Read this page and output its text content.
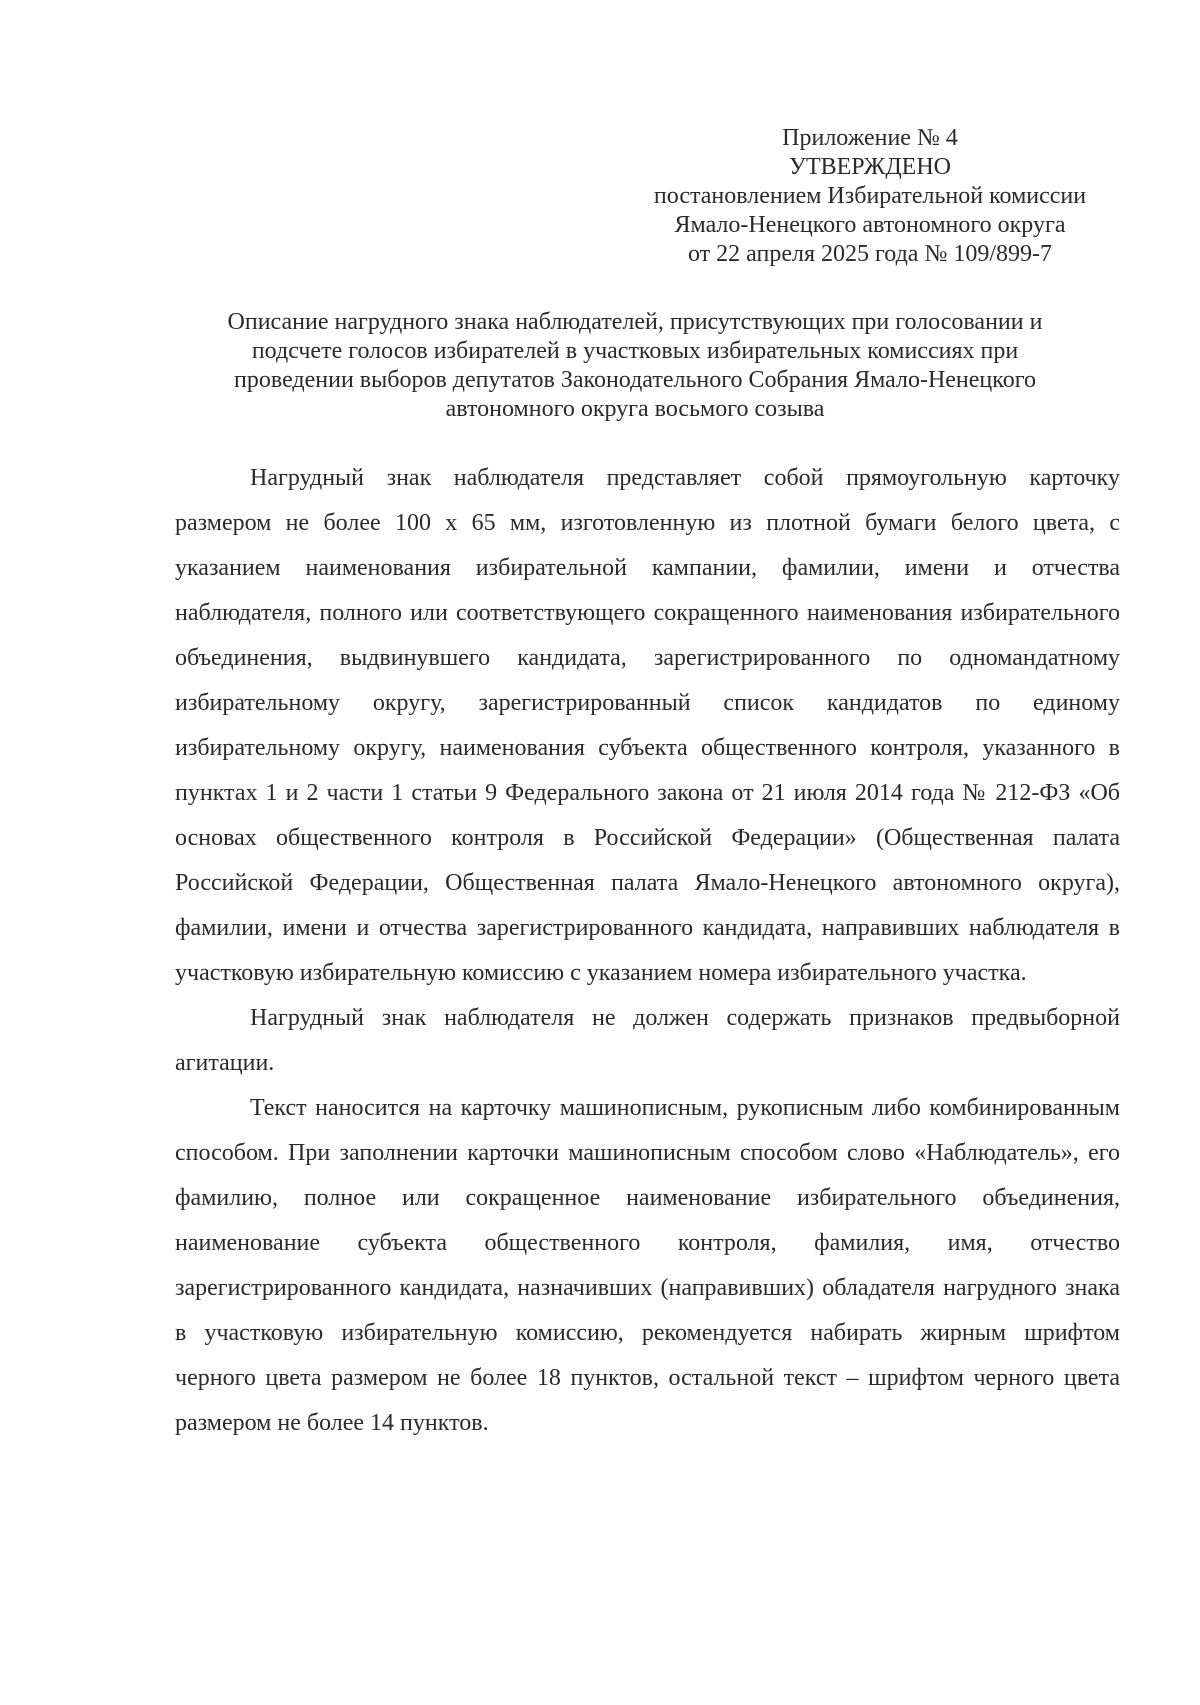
Приложение № 4
УТВЕРЖДЕНО
постановлением Избирательной комиссии
Ямало-Ненецкого автономного округа
от 22 апреля 2025 года № 109/899-7
Описание нагрудного знака наблюдателей, присутствующих при голосовании и
подсчете голосов избирателей в участковых избирательных комиссиях при
проведении выборов депутатов Законодательного Собрания Ямало-Ненецкого
автономного округа восьмого созыва

Нагрудный знак наблюдателя представляет собой прямоугольную карточку размером не более 100 х 65 мм, изготовленную из плотной бумаги белого цвета, с указанием наименования избирательной кампании, фамилии, имени и отчества наблюдателя, полного или соответствующего сокращенного наименования избирательного объединения, выдвинувшего кандидата, зарегистрированного по одномандатному избирательному округу, зарегистрированный список кандидатов по единому избирательному округу, наименования субъекта общественного контроля, указанного в пунктах 1 и 2 части 1 статьи 9 Федерального закона от 21 июля 2014 года № 212-ФЗ «Об основах общественного контроля в Российской Федерации» (Общественная палата Российской Федерации, Общественная палата Ямало-Ненецкого автономного округа), фамилии, имени и отчества зарегистрированного кандидата, направивших наблюдателя в участковую избирательную комиссию с указанием номера избирательного участка.

Нагрудный знак наблюдателя не должен содержать признаков предвыборной агитации.

Текст наносится на карточку машинописным, рукописным либо комбинированным способом. При заполнении карточки машинописным способом слово «Наблюдатель», его фамилию, полное или сокращенное наименование избирательного объединения, наименование субъекта общественного контроля, фамилия, имя, отчество зарегистрированного кандидата, назначивших (направивших) обладателя нагрудного знака в участковую избирательную комиссию, рекомендуется набирать жирным шрифтом черного цвета размером не более 18 пунктов, остальной текст – шрифтом черного цвета размером не более 14 пунктов.
